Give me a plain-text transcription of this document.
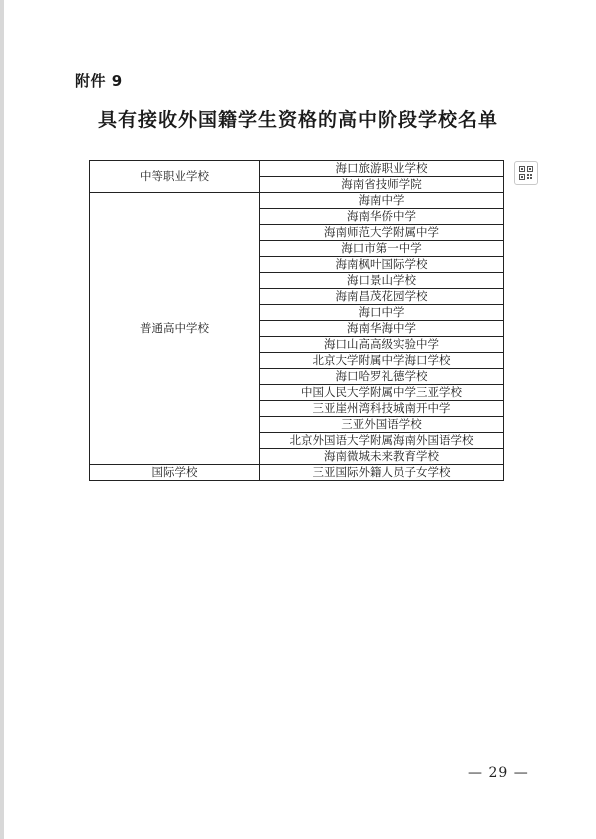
附件 9
具有接收外国籍学生资格的高中阶段学校名单
中等职业学校	海口旅游职业学校
	海南省技师学院
普通高中学校	海南中学
	海南华侨中学
	海南师范大学附属中学
	海口市第一中学
	海南枫叶国际学校
	海口景山学校
	海南昌茂花园学校
	海口中学
	海南华海中学
	海口山高高级实验中学
	北京大学附属中学海口学校
	海口哈罗礼德学校
	中国人民大学附属中学三亚学校
	三亚崖州湾科技城南开中学
	三亚外国语学校
	北京外国语大学附属海南外国语学校
	海南微城未来教育学校
国际学校	三亚国际外籍人员子女学校
— 29 —
